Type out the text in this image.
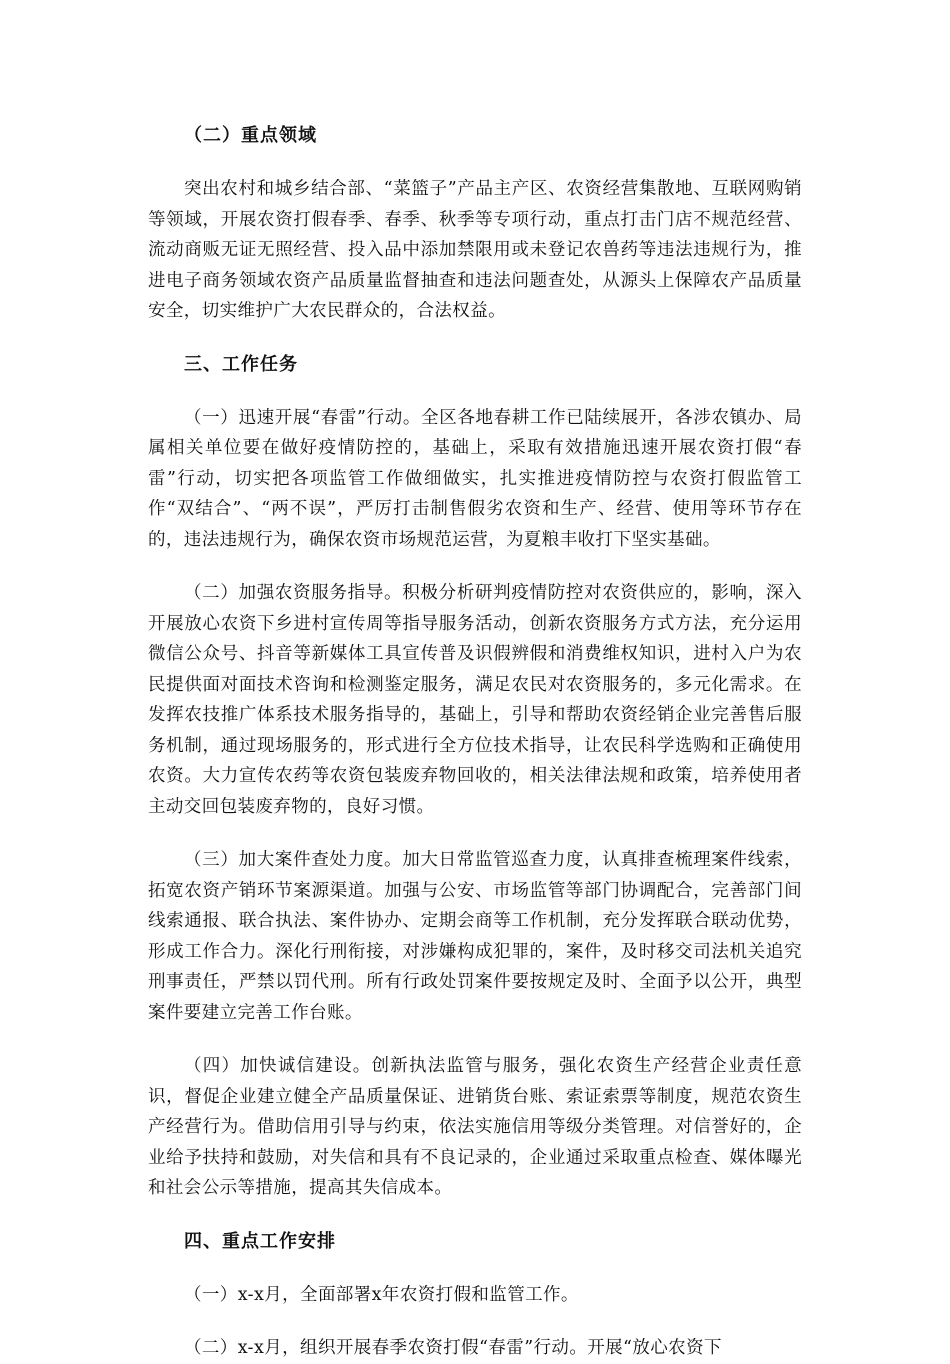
（二）重点领域

突出农村和城乡结合部、“菜篮子”产品主产区、农资经营集散地、互联网购销等领域，开展农资打假春季、春季、秋季等专项行动，重点打击门店不规范经营、流动商贩无证无照经营、投入品中添加禁限用或未登记农兽药等违法违规行为，推进电子商务领域农资产品质量监督抽查和违法问题查处，从源头上保障农产品质量安全，切实维护广大农民群众的，合法权益。

三、工作任务

（一）迅速开展“春雷”行动。全区各地春耕工作已陆续展开，各涉农镇办、局属相关单位要在做好疫情防控的，基础上，采取有效措施迅速开展农资打假“春雷”行动，切实把各项监管工作做细做实，扎实推进疫情防控与农资打假监管工作“双结合”、“两不误”，严厉打击制售假劣农资和生产、经营、使用等环节存在的，违法违规行为，确保农资市场规范运营，为夏粮丰收打下坚实基础。

（二）加强农资服务指导。积极分析研判疫情防控对农资供应的，影响，深入开展放心农资下乡进村宣传周等指导服务活动，创新农资服务方式方法，充分运用微信公众号、抖音等新媒体工具宣传普及识假辨假和消费维权知识，进村入户为农民提供面对面技术咨询和检测鉴定服务，满足农民对农资服务的，多元化需求。在发挥农技推广体系技术服务指导的，基础上，引导和帮助农资经销企业完善售后服务机制，通过现场服务的，形式进行全方位技术指导，让农民科学选购和正确使用农资。大力宣传农药等农资包装废弃物回收的，相关法律法规和政策，培养使用者主动交回包装废弃物的，良好习惯。

（三）加大案件查处力度。加大日常监管巡查力度，认真排查梳理案件线索，拓宽农资产销环节案源渠道。加强与公安、市场监管等部门协调配合，完善部门间线索通报、联合执法、案件协办、定期会商等工作机制，充分发挥联合联动优势，形成工作合力。深化行刑衔接，对涉嫌构成犯罪的，案件，及时移交司法机关追究刑事责任，严禁以罚代刑。所有行政处罚案件要按规定及时、全面予以公开，典型案件要建立完善工作台账。

（四）加快诚信建设。创新执法监管与服务，强化农资生产经营企业责任意识，督促企业建立健全产品质量保证、进销货台账、索证索票等制度，规范农资生产经营行为。借助信用引导与约束，依法实施信用等级分类管理。对信誉好的，企业给予扶持和鼓励，对失信和具有不良记录的，企业通过采取重点检查、媒体曝光和社会公示等措施，提高其失信成本。

四、重点工作安排

（一）x-x月，全面部署x年农资打假和监管工作。

（二）x-x月，组织开展春季农资打假“春雷”行动。开展“放心农资下
